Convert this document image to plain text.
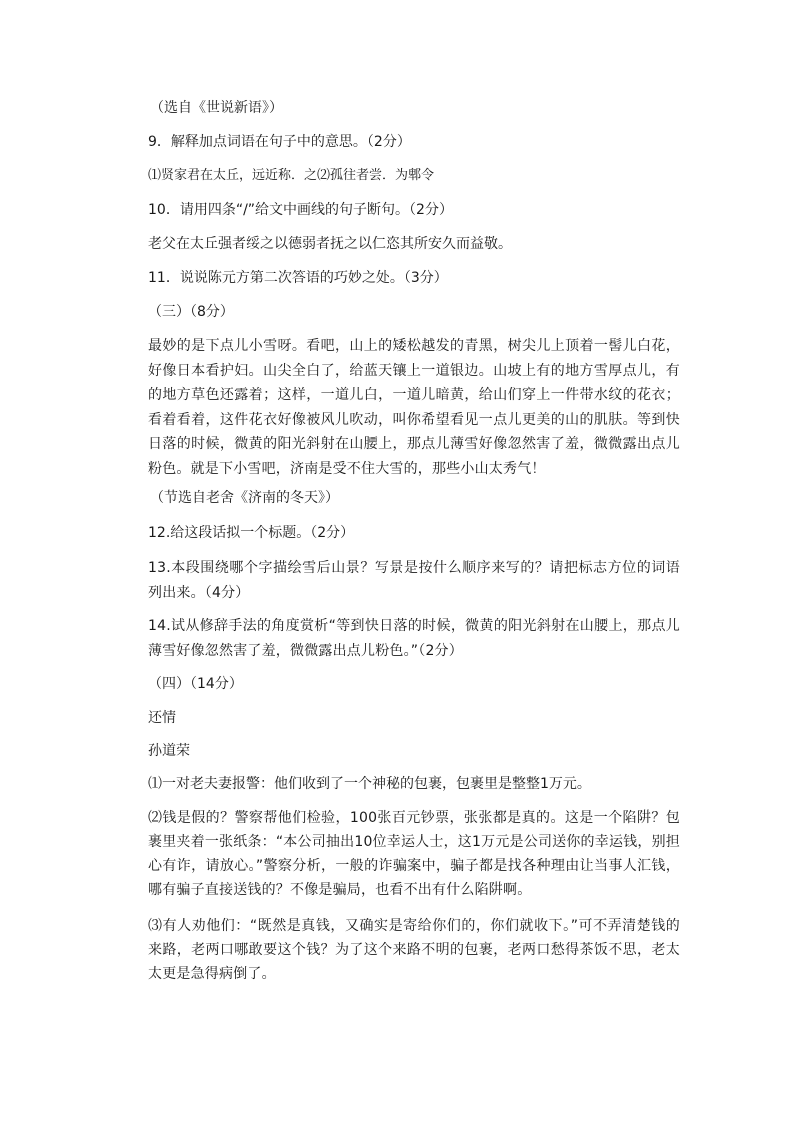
（选自《世说新语》）

9．解释加点词语在句子中的意思。（2分）

⑴贤家君在太丘，远近称．之⑵孤往者尝．为郫令

10．请用四条“/”给文中画线的句子断句。（2分）

老父在太丘强者绥之以德弱者抚之以仁恣其所安久而益敬。

11．说说陈元方第二次答语的巧妙之处。（3分）

（三）（8分）

最妙的是下点儿小雪呀。看吧，山上的矮松越发的青黑，树尖儿上顶着一髻儿白花，好像日本看护妇。山尖全白了，给蓝天镶上一道银边。山坡上有的地方雪厚点儿，有的地方草色还露着；这样，一道儿白，一道儿暗黄，给山们穿上一件带水纹的花衣；看着看着，这件花衣好像被风儿吹动，叫你希望看见一点儿更美的山的肌肤。等到快日落的时候，微黄的阳光斜射在山腰上，那点儿薄雪好像忽然害了羞，微微露出点儿粉色。就是下小雪吧，济南是受不住大雪的，那些小山太秀气！

（节选自老舍《济南的冬天》）

12.给这段话拟一个标题。（2分）

13.本段围绕哪个字描绘雪后山景？写景是按什么顺序来写的？请把标志方位的词语列出来。（4分）

14.试从修辞手法的角度赏析“等到快日落的时候，微黄的阳光斜射在山腰上，那点儿薄雪好像忽然害了羞，微微露出点儿粉色。”（2分）

（四）（14分）

还情

孙道荣

⑴一对老夫妻报警：他们收到了一个神秘的包裹，包裹里是整整1万元。

⑵钱是假的？警察帮他们检验，100张百元钞票，张张都是真的。这是一个陷阱？包裹里夹着一张纸条：“本公司抽出10位幸运人士，这1万元是公司送你的幸运钱，别担心有诈，请放心。”警察分析，一般的诈骗案中，骗子都是找各种理由让当事人汇钱，哪有骗子直接送钱的？不像是骗局，也看不出有什么陷阱啊。
⑶有人劝他们：“既然是真钱，又确实是寄给你们的，你们就收下。”可不弄清楚钱的来路，老两口哪敢要这个钱？为了这个来路不明的包裹，老两口愁得茶饭不思，老太太更是急得病倒了。
